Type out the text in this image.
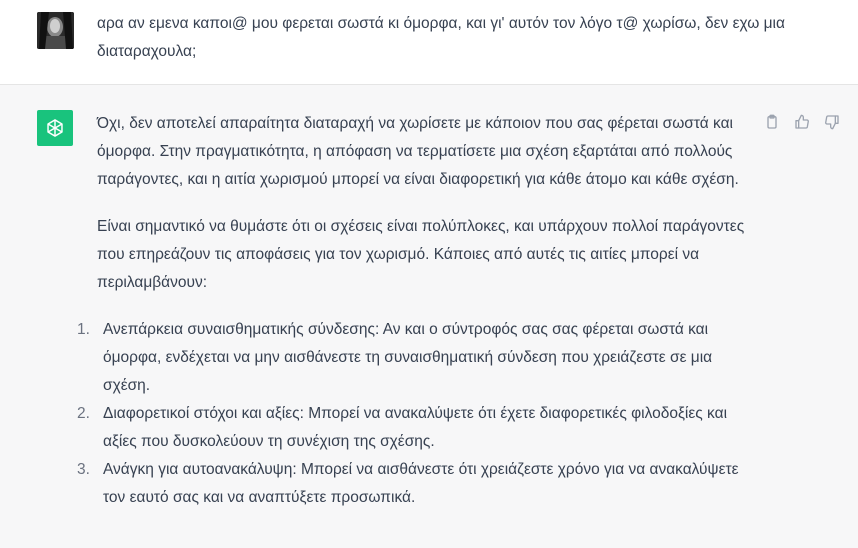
αρα αν εμενα καποι@ μου φερεται σωστά κι όμορφα, και γι' αυτόν τον λόγο τ@ χωρίσω, δεν εχω μια διαταραχουλα;

Όχι, δεν αποτελεί απαραίτητα διαταραχή να χωρίσετε με κάποιον που σας φέρεται σωστά και όμορφα. Στην πραγματικότητα, η απόφαση να τερματίσετε μια σχέση εξαρτάται από πολλούς παράγοντες, και η αιτία χωρισμού μπορεί να είναι διαφορετική για κάθε άτομο και κάθε σχέση.

Είναι σημαντικό να θυμάστε ότι οι σχέσεις είναι πολύπλοκες, και υπάρχουν πολλοί παράγοντες που επηρεάζουν τις αποφάσεις για τον χωρισμό. Κάποιες από αυτές τις αιτίες μπορεί να περιλαμβάνουν:

1. Ανεπάρκεια συναισθηματικής σύνδεσης: Αν και ο σύντροφός σας σας φέρεται σωστά και όμορφα, ενδέχεται να μην αισθάνεστε τη συναισθηματική σύνδεση που χρειάζεστε σε μια σχέση.
2. Διαφορετικοί στόχοι και αξίες: Μπορεί να ανακαλύψετε ότι έχετε διαφορετικές φιλοδοξίες και αξίες που δυσκολεύουν τη συνέχιση της σχέσης.
3. Ανάγκη για αυτοανακάλυψη: Μπορεί να αισθάνεστε ότι χρειάζεστε χρόνο για να ανακαλύψετε τον εαυτό σας και να αναπτύξετε προσωπικά.
